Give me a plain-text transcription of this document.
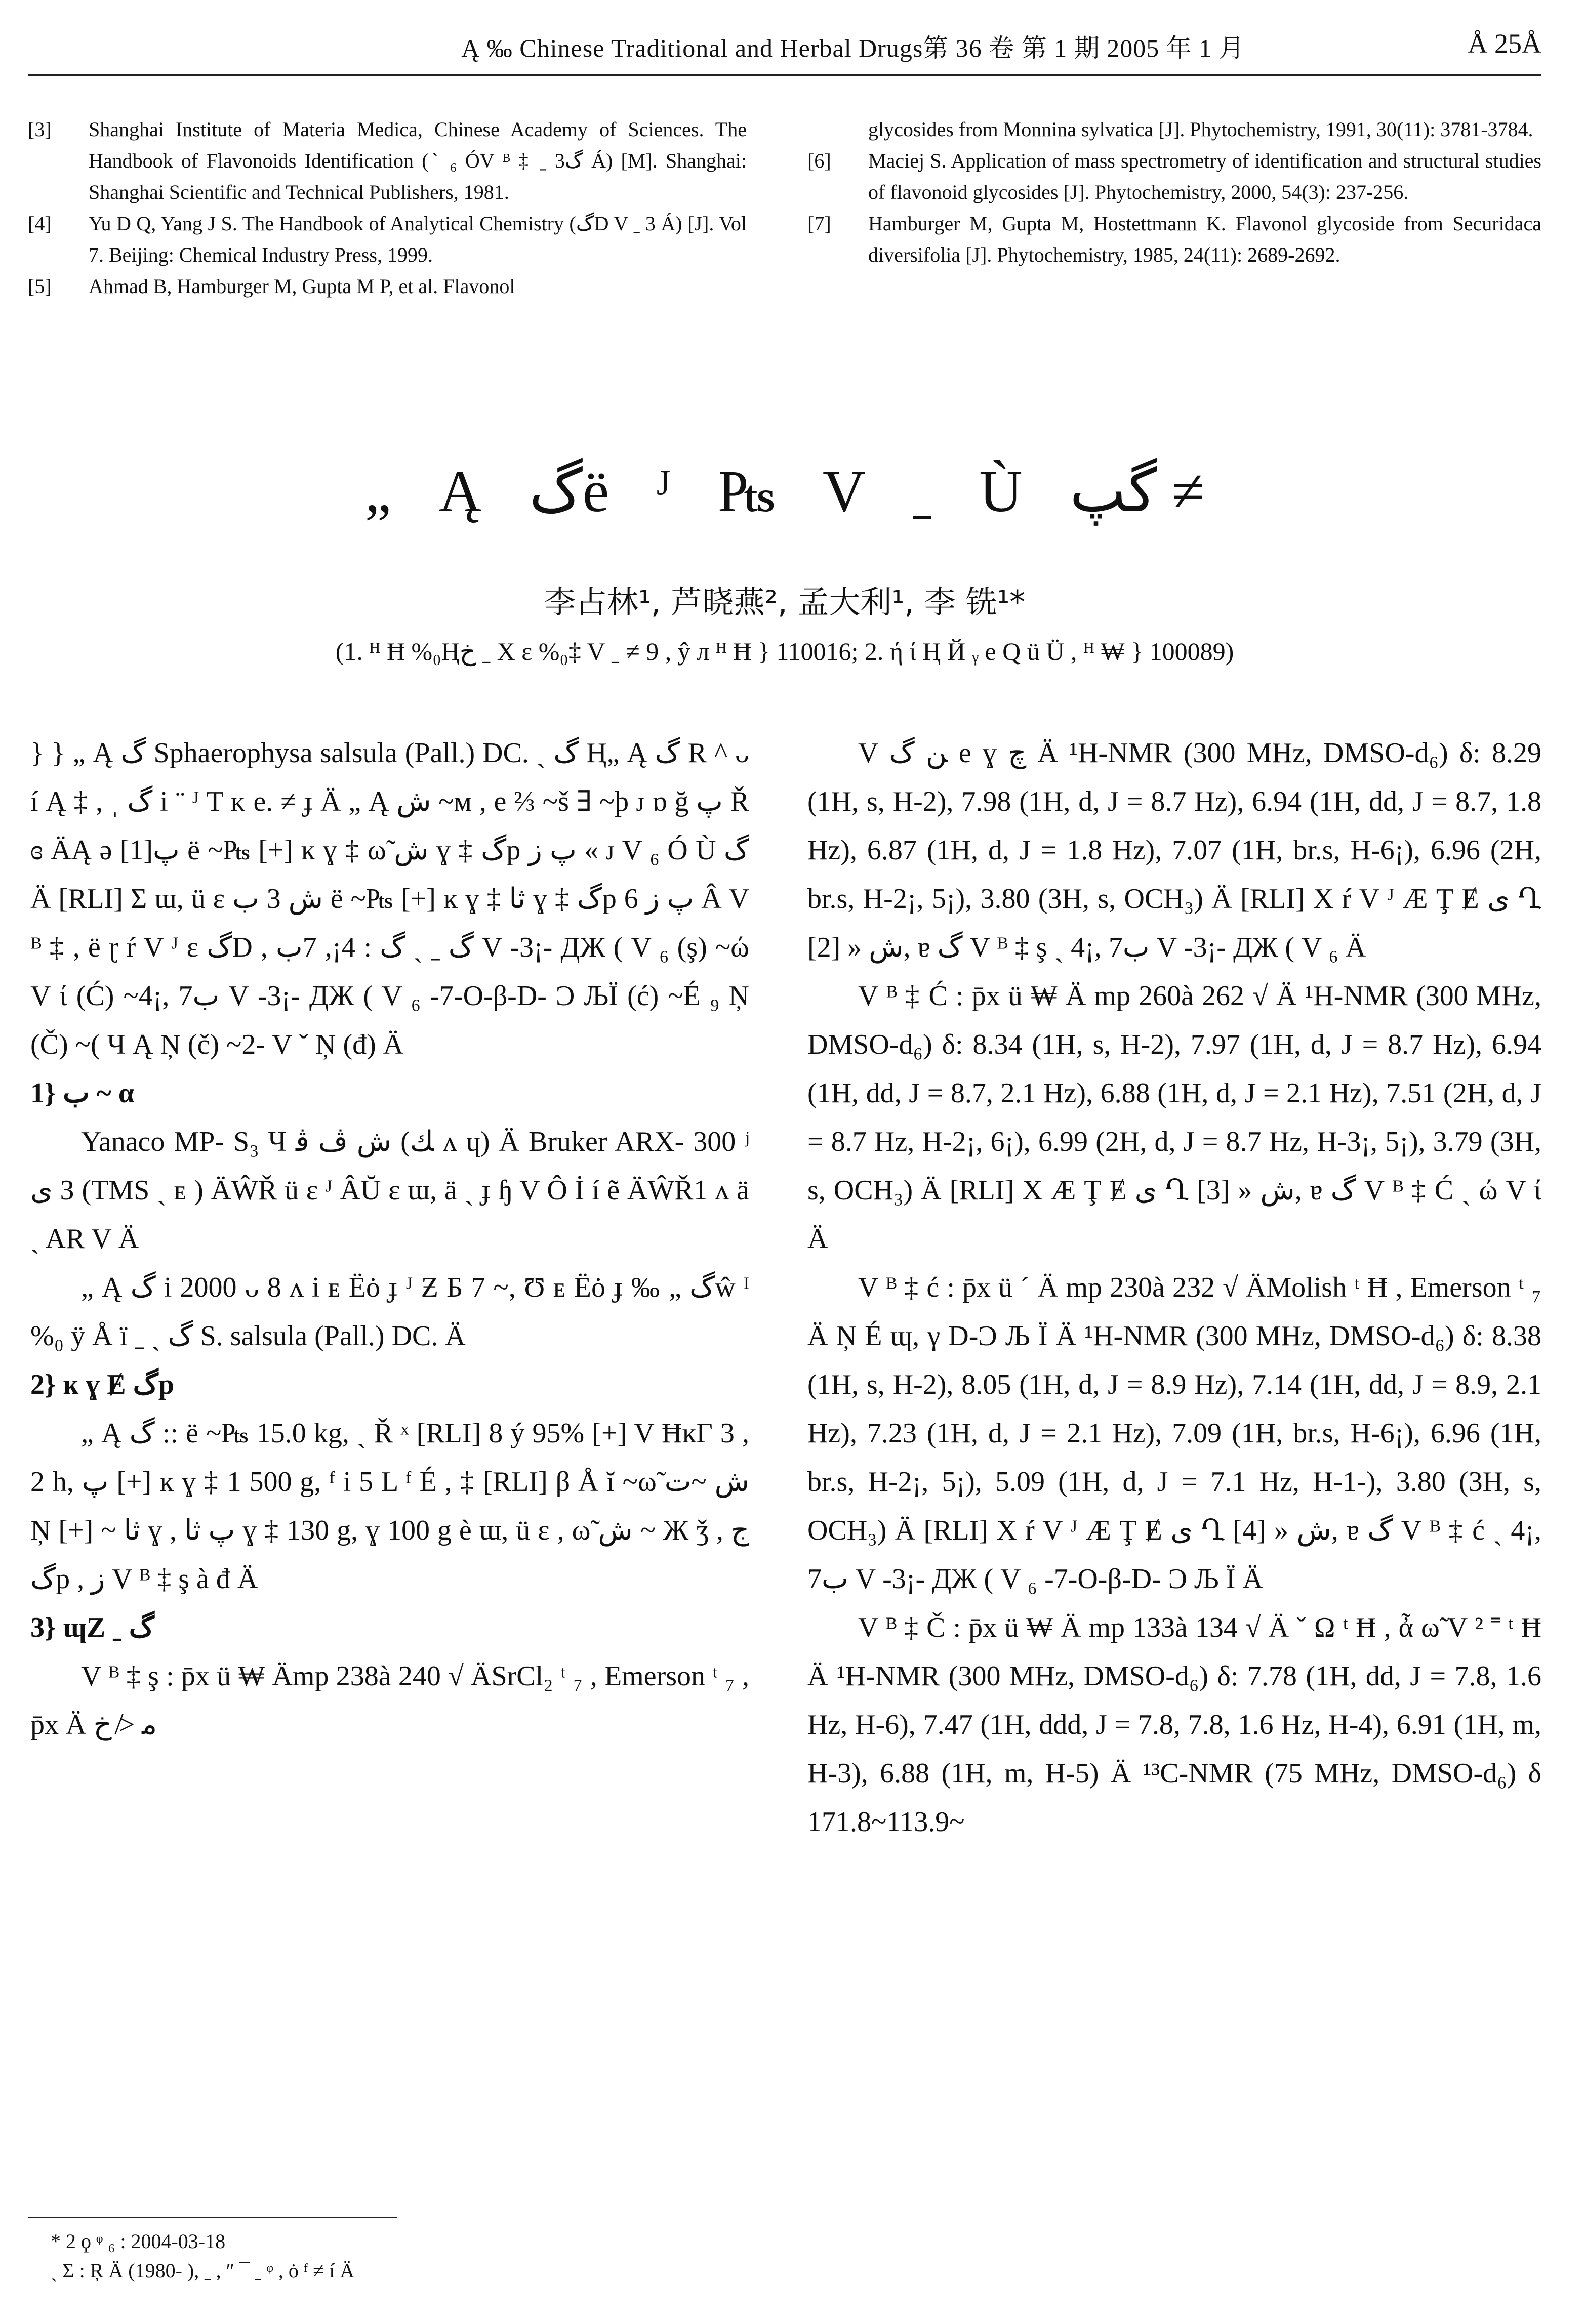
Ą ‰ Chinese Traditional and Herbal Drugs第 36 卷 第 1 期 2005 年 1 月	Å 25Å
[3]	Shanghai Institute of Materia Medica, Chinese Academy of Sciences. The Handbook of Flavonoids Identification (ˋ ₆ ÓV ᴮ ‡ ˍ گ3 Á) [M]. Shanghai: Shanghai Scientific and Technical Publishers, 1981.
[4]	Yu D Q, Yang J S. The Handbook of Analytical Chemistry (گD V ˍ 3 Á) [J]. Vol 7. Beijing: Chemical Industry Press, 1999.
[5]	Ahmad B, Hamburger M, Gupta M P, et al. Flavonol
glycosides from Monnina sylvatica [J]. Phytochemistry, 1991, 30(11): 3781-3784.
[6]	Maciej S. Application of mass spectrometry of identification and structural studies of flavonoid glycosides [J]. Phytochemistry, 2000, 54(3): 237-256.
[7]	Hamburger M, Gupta M, Hostettmann K. Flavonol glycoside from Securidaca diversifolia [J]. Phytochemistry, 1985, 24(11): 2689-2692.
„ Ą گë ᴶ ₧ V ˍ Ù گپ ≠
李占林¹, 芦晓燕², 孟大利¹, 李 铣¹*
(1. ᴴ Ħ %₀Ⱨخ ˍ Χ ɛ %₀‡ V ˍ ≠ 9 , ŷ л ᴴ Ħ } 110016; 2. ή ί Ⱨ Й ᵧ e Q ü Ü , ᴴ ₩ } 100089)

} } „ Ą گ Sphaerophysa salsula (Pall.) DC. ˎ گ Ⱨ„ Ą گ R ^ ᴗ í Ą ‡ , ˌ گ i ¨ ᴶ T ᴋ e. ≠ ɟ Ä „ Ą ش ~м , e ⅔ ~š ∃ ~þ ᴊ ɒ ğ پ Ř ɞ ÄĄ ǝ پ[1] ë ~₧ [+] ĸ ɣ ‡ ω̃ ش ɣ ‡ گp پ ز « ᴊ V ₆ Ó Ù گ Ä [RLI] Σ ɯ, ü ɛ ش 3 ب ë ~₧ [+] ĸ ɣ ‡ ثا ɣ ‡ گp پ ز 6 Â V ᴮ ‡ , ë ɽ ŕ V ᴶ ɛ گD , گ ˍ ˎ گ : 4¡, 7ب V -3¡- ДЖ ( V ₆ (ş) ~ώ V ί (Ć) ~4¡, 7ب V -3¡- ДЖ ( V ₆ -7-O-β-D- Ͻ ЉΪ (ć) ~É ₉ Ņ (Č) ~( Ч Ą Ņ (č) ~2- V ˇ Ņ (đ) Ä

1} ب ~ α

Yanaco MP- S₃ Ч ش ڤ ﭬ (ﻚ ᴧ ɥ) Ä Bruker ARX- 300 ʲ ﻯ З (TMS ˎ ᴇ ) ÄŴŘ ü ɛ ᴶ ÂŬ ɛ ɯ, ä ˎ ɟ ɧ V Ô İ í ẽ ÄŴŘ1 ᴧ ä ˎ AR V Ä

„ Ą گ i 2000 ᴗ 8 ᴧ i ᴇ Ëȯ ɟ ᴶ Ƶ Б 7 ~, Ʊ ᴇ Ëȯ ɟ ‰ „ گŵ ᴵ %₀ ÿ Å ï ˍ ˎ گ S. salsula (Pall.) DC. Ä

2} ĸ ɣ Ɇ گp

„ Ą گ :: ë ~₧ 15.0 kg, ˎ Ř ˣ [RLI] 8 ý 95% [+] V ĦĸΓ 3 , 2 h, پ [+] ĸ ɣ ‡ 1 500 g, ᶠ i 5 L ᶠ É , ‡ [RLI] β Å ĭ ~ω̃ ش ~ت Ņ [+] ~ ثا ɣ , پ ثا ɣ ‡ 130 g, ɣ 100 g è ɯ, ü ɛ , ω̃ ش ~ Ж ǯ , ج گp , ز V ᴮ ‡ ş à đ Ä

3} ɰZ ˍ گ

V ᴮ ‡ ş : p̄x ü ₩ Ämp 238à 240 √ ÄSrCl₂ ᵗ ₇ , Emerson ᵗ ₇ , p̄x Ä ﻣ ≯ ﺥ

V ﻦ گ e ɣ چ Ä ¹H-NMR (300 MHz, DMSO-d₆) δ: 8.29 (1H, s, H-2), 7.98 (1H, d, J = 8.7 Hz), 6.94 (1H, dd, J = 8.7, 1.8 Hz), 6.87 (1H, d, J = 1.8 Hz), 7.07 (1H, br.s, H-6¡), 6.96 (2H, br.s, H-2¡, 5¡), 3.80 (3H, s, OCH₃) Ä [RLI] Χ ŕ V ᴶ Æ Ţ Ɇ ﯼ Ղ ش « [2], ɐ گ V ᴮ ‡ ş ˎ 4¡, 7ب V -3¡- ДЖ ( V ₆ Ä

V ᴮ ‡ Ć : p̄x ü ₩ Ä mp 260à 262 √ Ä ¹H-NMR (300 MHz, DMSO-d₆) δ: 8.34 (1H, s, H-2), 7.97 (1H, d, J = 8.7 Hz), 6.94 (1H, dd, J = 8.7, 2.1 Hz), 6.88 (1H, d, J = 2.1 Hz), 7.51 (2H, d, J = 8.7 Hz, H-2¡, 6¡), 6.99 (2H, d, J = 8.7 Hz, H-3¡, 5¡), 3.79 (3H, s, OCH₃) Ä [RLI] Χ Æ Ţ Ɇ ﯼ Ղ ش « [3], ɐ گ V ᴮ ‡ Ć ˎ ώ V ί Ä

V ᴮ ‡ ć : p̄x ü ˊ Ä mp 230à 232 √ ÄMolish ᵗ Ħ , Emerson ᵗ ₇ Ä Ņ É ɰ, γ D-Ͻ Љ Ϊ Ä ¹H-NMR (300 MHz, DMSO-d₆) δ: 8.38 (1H, s, H-2), 8.05 (1H, d, J = 8.9 Hz), 7.14 (1H, dd, J = 8.9, 2.1 Hz), 7.23 (1H, d, J = 2.1 Hz), 7.09 (1H, br.s, H-6¡), 6.96 (1H, br.s, H-2¡, 5¡), 5.09 (1H, d, J = 7.1 Hz, H-1‐), 3.80 (3H, s, OCH₃) Ä [RLI] Χ ŕ V ᴶ Æ Ţ Ɇ ﯼ Ղ ش « [4], ɐ گ V ᴮ ‡ ć ˎ 4¡, 7ب V -3¡- ДЖ ( V ₆ -7-O-β-D- Ͻ Љ Ϊ Ä

V ᴮ ‡ Č : p̄x ü ₩ Ä mp 133à 134 √ Ä ˇ Ω ᵗ Ħ , ἆ ω̃ V ² ˭ ᵗ Ħ Ä ¹H-NMR (300 MHz, DMSO-d₆) δ: 7.78 (1H, dd, J = 7.8, 1.6 Hz, H-6), 7.47 (1H, ddd, J = 7.8, 7.8, 1.6 Hz, H-4), 6.91 (1H, m, H-3), 6.88 (1H, m, H-5) Ä ¹³C-NMR (75 MHz, DMSO-d₆) δ 171.8~113.9~

* 2 ϙ ᵠ ₆ : 2004-03-18

ˏ Σ : Ŗ Ä (1980- ), ˍ , ″ ¯ ˍ ᵠ , ȯ ᶠ ≠ í Ä
